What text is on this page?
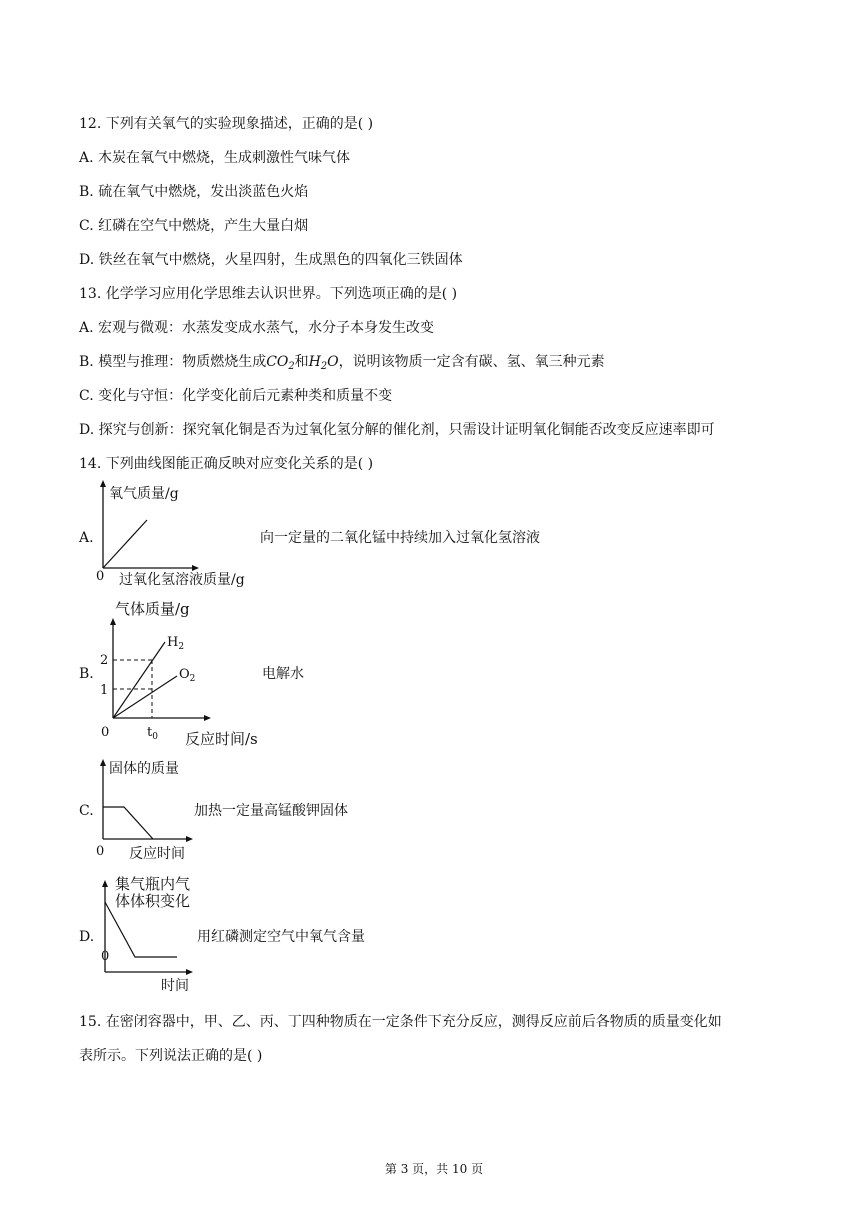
12. 下列有关氧气的实验现象描述，正确的是( )
A. 木炭在氧气中燃烧，生成刺激性气味气体
B. 硫在氧气中燃烧，发出淡蓝色火焰
C. 红磷在空气中燃烧，产生大量白烟
D. 铁丝在氧气中燃烧，火星四射，生成黑色的四氧化三铁固体
13. 化学学习应用化学思维去认识世界。下列选项正确的是( )
A. 宏观与微观：水蒸发变成水蒸气，水分子本身发生改变
B. 模型与推理：物质燃烧生成$CO_2$和$H_2O$，说明该物质一定含有碳、氢、氧三种元素
C. 变化与守恒：化学变化前后元素种类和质量不变
D. 探究与创新：探究氧化铜是否为过氧化氢分解的催化剂，只需设计证明氧化铜能否改变反应速率即可
14. 下列曲线图能正确反映对应变化关系的是( )
A.
氧气质量/g
0 过氧化氢溶液质量/g
向一定量的二氧化锰中持续加入过氧化氢溶液
B.
气体质量/g
2
1
0	$t_0$
$H_2$
$O_2$
反应时间/s
电解水
C.
固体的质量
0 反应时间
加热一定量高锰酸钾固体
D.
集气瓶内气
体体积变化
0
时间
用红磷测定空气中氧气含量
15. 在密闭容器中，甲、乙、丙、丁四种物质在一定条件下充分反应，测得反应前后各物质的质量变化如
表所示。下列说法正确的是( )
第 3 页，共 10 页
